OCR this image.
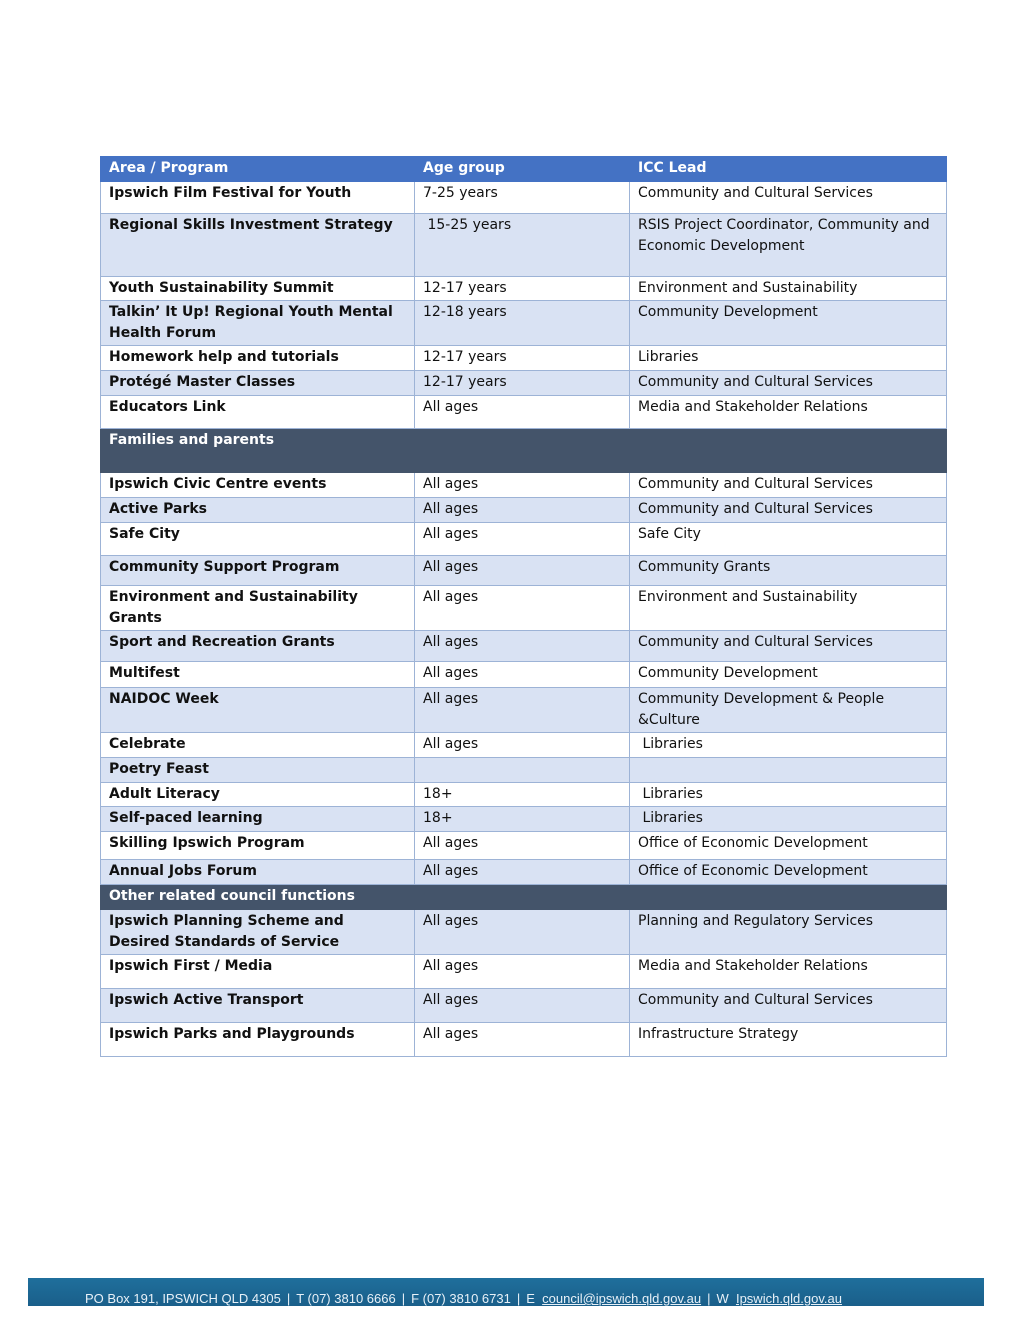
Area / Program	Age group	ICC Lead
Ipswich Film Festival for Youth	7-25 years	Community and Cultural Services
Regional Skills Investment Strategy	15-25 years	RSIS Project Coordinator, Community and Economic Development
Youth Sustainability Summit	12-17 years	Environment and Sustainability
Talkin’ It Up! Regional Youth Mental Health Forum	12-18 years	Community Development
Homework help and tutorials	12-17 years	Libraries
Protégé Master Classes	12-17 years	Community and Cultural Services
Educators Link	All ages	Media and Stakeholder Relations
Families and parents		
Ipswich Civic Centre events	All ages	Community and Cultural Services
Active Parks	All ages	Community and Cultural Services
Safe City	All ages	Safe City
Community Support Program	All ages	Community Grants
Environment and Sustainability Grants	All ages	Environment and Sustainability
Sport and Recreation Grants	All ages	Community and Cultural Services
Multifest	All ages	Community Development
NAIDOC Week	All ages	Community Development & People &Culture
Celebrate	All ages	Libraries
Poetry Feast		
Adult Literacy	18+	Libraries
Self-paced learning	18+	Libraries
Skilling Ipswich Program	All ages	Office of Economic Development
Annual Jobs Forum	All ages	Office of Economic Development
Other related council functions		
Ipswich Planning Scheme and Desired Standards of Service	All ages	Planning and Regulatory Services
Ipswich First / Media	All ages	Media and Stakeholder Relations
Ipswich Active Transport	All ages	Community and Cultural Services
Ipswich Parks and Playgrounds	All ages	Infrastructure Strategy
PO Box 191, IPSWICH QLD 4305 | T (07) 3810 6666 | F (07) 3810 6731 | E council@ipswich.qld.gov.au | W Ipswich.qld.gov.au
